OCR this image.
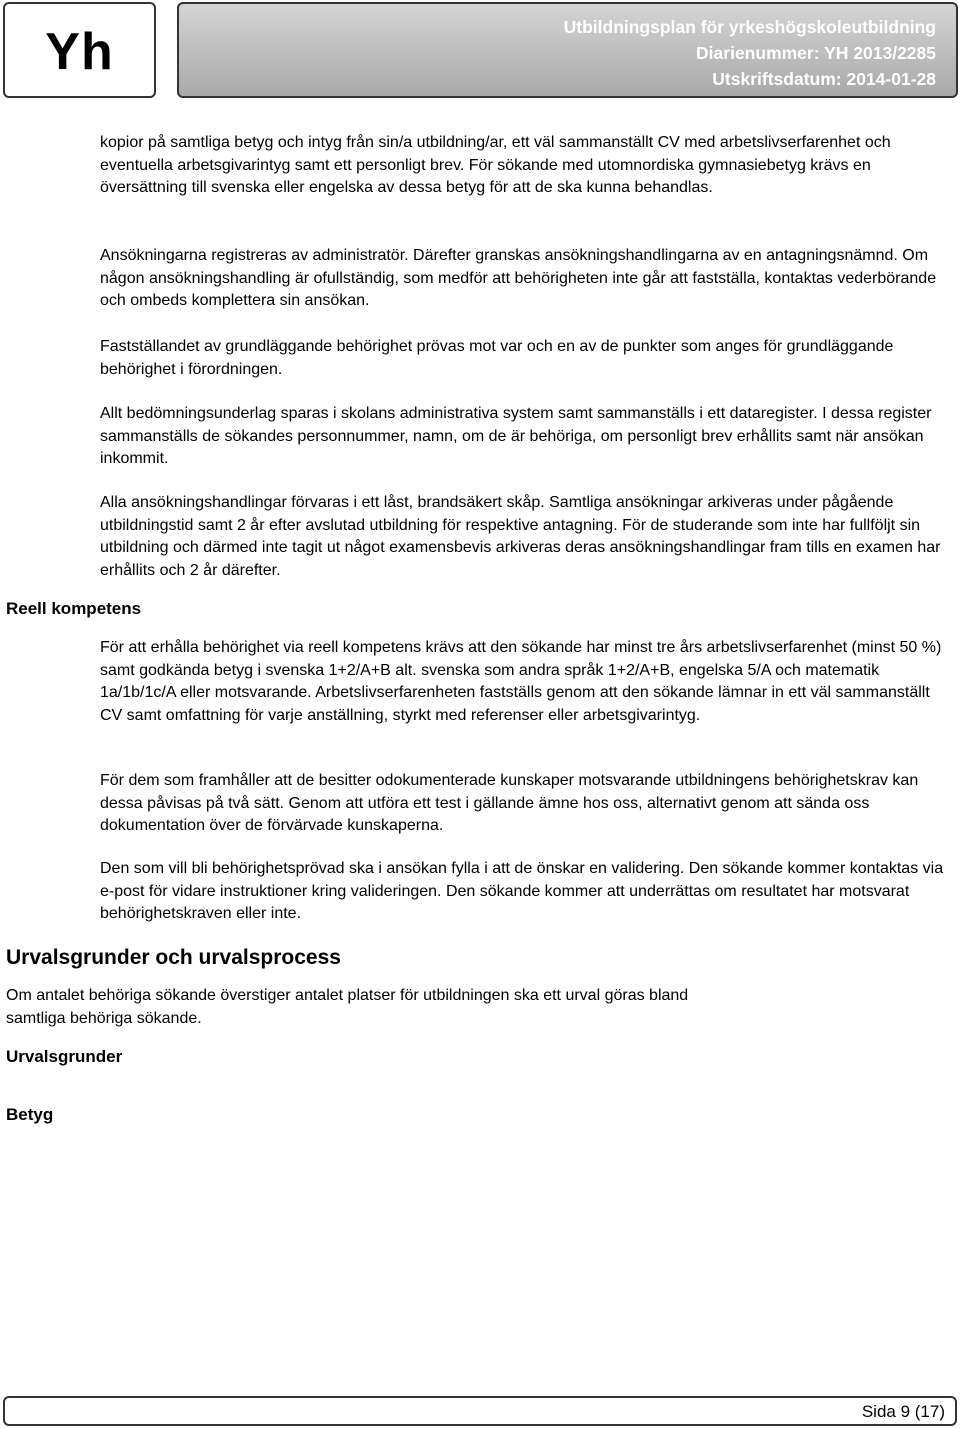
Yh	Utbildningsplan för yrkeshögskoleutbildning
Diarienummer: YH 2013/2285
Utskriftsdatum: 2014-01-28

kopior på samtliga betyg och intyg från sin/a utbildning/ar, ett väl sammanställt CV med arbetslivserfarenhet och eventuella arbetsgivarintyg samt ett personligt brev. För sökande med utomnordiska gymnasiebetyg krävs en översättning till svenska eller engelska av dessa betyg för att de ska kunna behandlas.

Ansökningarna registreras av administratör. Därefter granskas ansökningshandlingarna av en antagningsnämnd. Om någon ansökningshandling är ofullständig, som medför att behörigheten inte går att fastställa, kontaktas vederbörande och ombeds komplettera sin ansökan.

Fastställandet av grundläggande behörighet prövas mot var och en av de punkter som anges för grundläggande behörighet i förordningen.

Allt bedömningsunderlag sparas i skolans administrativa system samt sammanställs i ett dataregister. I dessa register sammanställs de sökandes personnummer, namn, om de är behöriga, om personligt brev erhållits samt när ansökan inkommit.

Alla ansökningshandlingar förvaras i ett låst, brandsäkert skåp. Samtliga ansökningar arkiveras under pågående utbildningstid samt 2 år efter avslutad utbildning för respektive antagning. För de studerande som inte har fullföljt sin utbildning och därmed inte tagit ut något examensbevis arkiveras deras ansökningshandlingar fram tills en examen har erhållits och 2 år därefter.

Reell kompetens

För att erhålla behörighet via reell kompetens krävs att den sökande har minst tre års arbetslivserfarenhet (minst 50 %) samt godkända betyg i svenska 1+2/A+B alt. svenska som andra språk 1+2/A+B, engelska 5/A och matematik 1a/1b/1c/A eller motsvarande. Arbetslivserfarenheten fastställs genom att den sökande lämnar in ett väl sammanställt CV samt omfattning för varje anställning, styrkt med referenser eller arbetsgivarintyg.

För dem som framhåller att de besitter odokumenterade kunskaper motsvarande utbildningens behörighetskrav kan dessa påvisas på två sätt. Genom att utföra ett test i gällande ämne hos oss, alternativt genom att sända oss dokumentation över de förvärvade kunskaperna.

Den som vill bli behörighetsprövad ska i ansökan fylla i att de önskar en validering. Den sökande kommer kontaktas via e-post för vidare instruktioner kring valideringen. Den sökande kommer att underrättas om resultatet har motsvarat behörighetskraven eller inte.

Urvalsgrunder och urvalsprocess

Om antalet behöriga sökande överstiger antalet platser för utbildningen ska ett urval göras bland samtliga behöriga sökande.

Urvalsgrunder
Betyg
Sida 9 (17)
